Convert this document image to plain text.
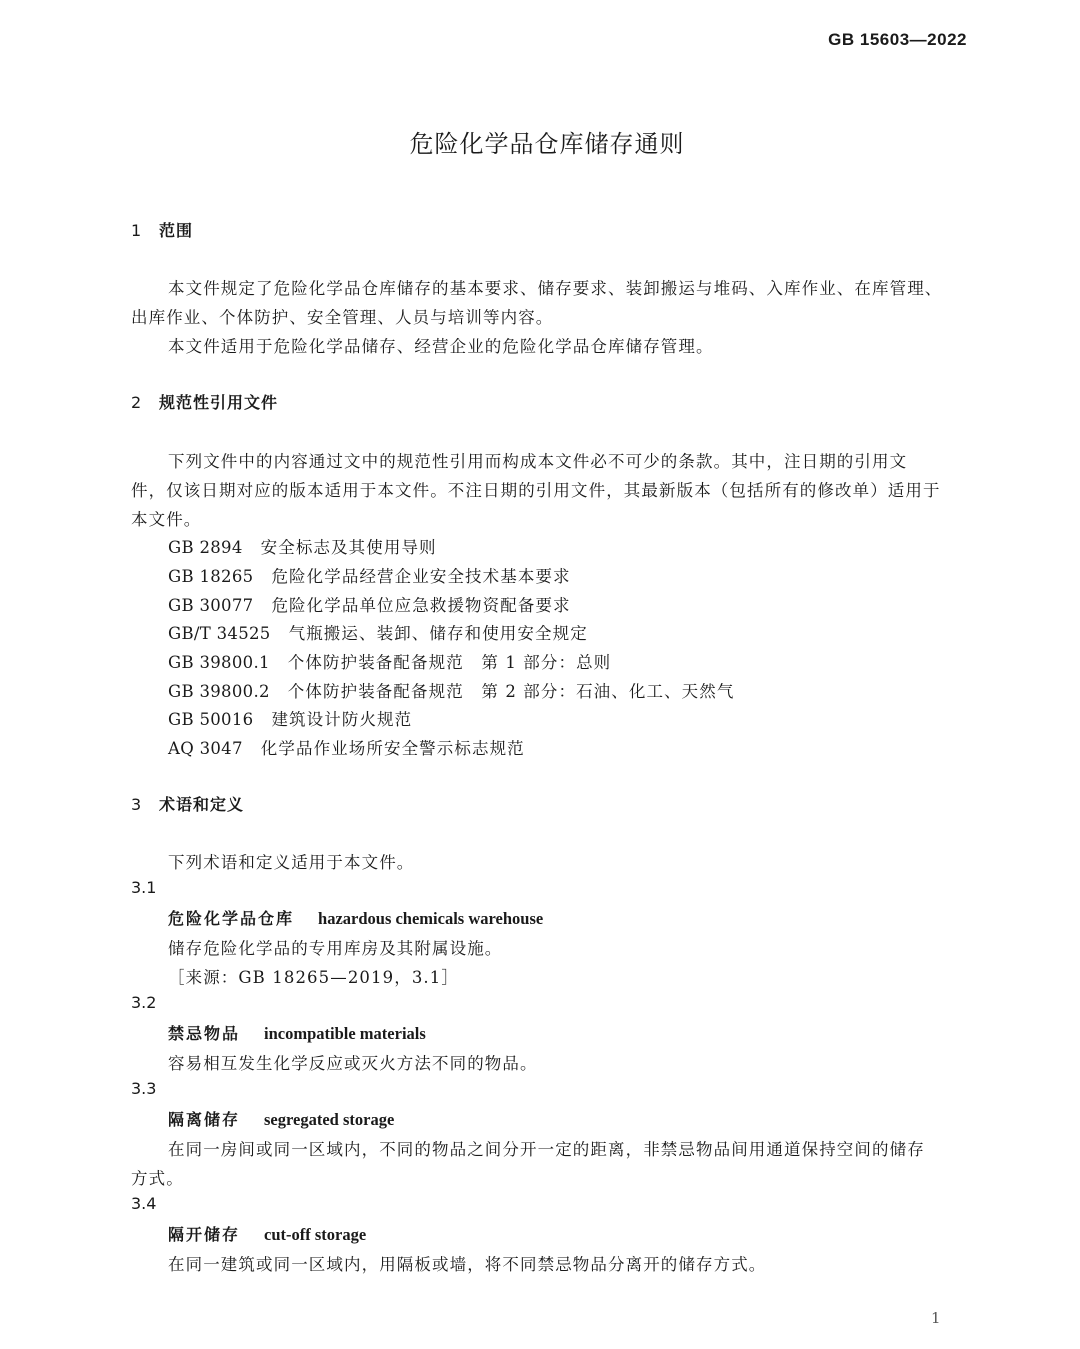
GB 15603—2022
危险化学品仓库储存通则
1 范围
本文件规定了危险化学品仓库储存的基本要求、储存要求、装卸搬运与堆码、入库作业、在库管理、
出库作业、个体防护、安全管理、人员与培训等内容。
本文件适用于危险化学品储存、经营企业的危险化学品仓库储存管理。
2 规范性引用文件
下列文件中的内容通过文中的规范性引用而构成本文件必不可少的条款。其中，注日期的引用文
件，仅该日期对应的版本适用于本文件。不注日期的引用文件，其最新版本（包括所有的修改单）适用于
本文件。
GB 2894 安全标志及其使用导则
GB 18265 危险化学品经营企业安全技术基本要求
GB 30077 危险化学品单位应急救援物资配备要求
GB/T 34525 气瓶搬运、装卸、储存和使用安全规定
GB 39800.1 个体防护装备配备规范　第 1 部分：总则
GB 39800.2 个体防护装备配备规范　第 2 部分：石油、化工、天然气
GB 50016 建筑设计防火规范
AQ 3047 化学品作业场所安全警示标志规范
3 术语和定义
下列术语和定义适用于本文件。
3.1
危险化学品仓库 hazardous chemicals warehouse
储存危险化学品的专用库房及其附属设施。
［来源：GB 18265—2019，3.1］
3.2
禁忌物品 incompatible materials
容易相互发生化学反应或灭火方法不同的物品。
3.3
隔离储存 segregated storage
在同一房间或同一区域内，不同的物品之间分开一定的距离，非禁忌物品间用通道保持空间的储存
方式。
3.4
隔开储存 cut-off storage
在同一建筑或同一区域内，用隔板或墙，将不同禁忌物品分离开的储存方式。
1
